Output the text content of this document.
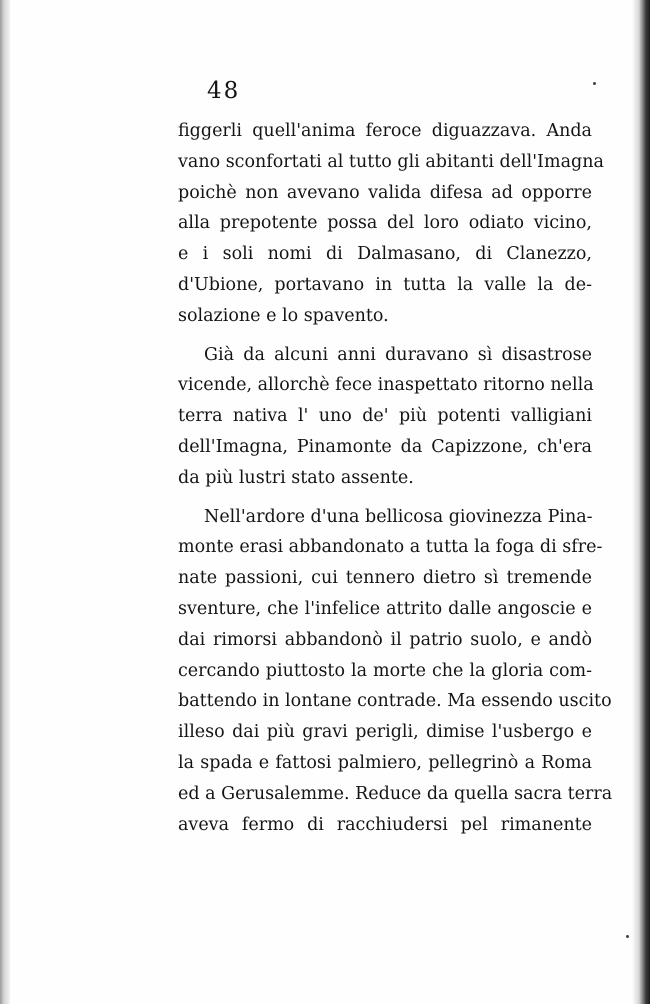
48

figgerli quell'anima feroce diguazzava. Anda
vano sconfortati al tutto gli abitanti dell'Imagna
poichè non avevano valida difesa ad opporre
alla prepotente possa del loro odiato vicino,
e i soli nomi di Dalmasano, di Clanezzo,
d'Ubione, portavano in tutta la valle la de-
solazione e lo spavento.
Già da alcuni anni duravano sì disastrose
vicende, allorchè fece inaspettato ritorno nella
terra nativa l' uno de' più potenti valligiani
dell'Imagna, Pinamonte da Capizzone, ch'era
da più lustri stato assente.
Nell'ardore d'una bellicosa giovinezza Pina-
monte erasi abbandonato a tutta la foga di sfre-
nate passioni, cui tennero dietro sì tremende
sventure, che l'infelice attrito dalle angoscie e
dai rimorsi abbandonò il patrio suolo, e andò
cercando piuttosto la morte che la gloria com-
battendo in lontane contrade. Ma essendo uscito
illeso dai più gravi perigli, dimise l'usbergo e
la spada e fattosi palmiero, pellegrinò a Roma
ed a Gerusalemme. Reduce da quella sacra terra
aveva fermo di racchiudersi pel rimanente
